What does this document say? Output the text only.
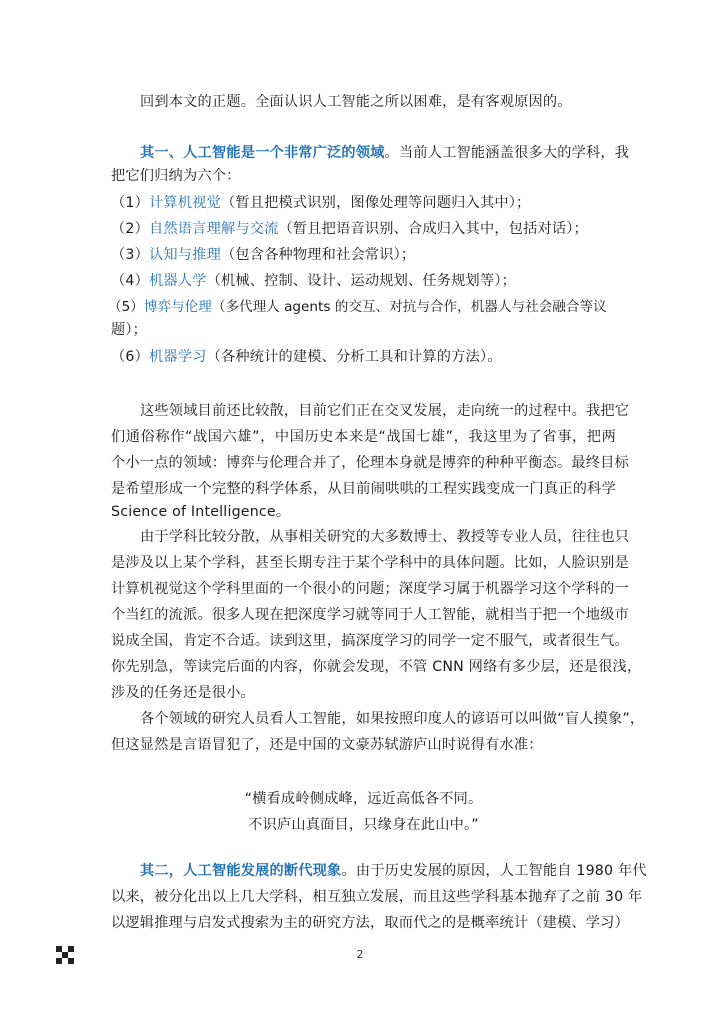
回到本文的正题。全面认识人工智能之所以困难，是有客观原因的。
其一、人工智能是一个非常广泛的领域。当前人工智能涵盖很多大的学科，我
把它们归纳为六个：
（1）计算机视觉（暂且把模式识别，图像处理等问题归入其中）；
（2）自然语言理解与交流（暂且把语音识别、合成归入其中，包括对话）；
（3）认知与推理（包含各种物理和社会常识）；
（4）机器人学（机械、控制、设计、运动规划、任务规划等）；
（5）博弈与伦理（多代理人 agents 的交互、对抗与合作，机器人与社会融合等议
题）；
（6）机器学习（各种统计的建模、分析工具和计算的方法）。
这些领域目前还比较散，目前它们正在交叉发展，走向统一的过程中。我把它
们通俗称作“战国六雄”，中国历史本来是“战国七雄”，我这里为了省事，把两
个小一点的领域：博弈与伦理合并了，伦理本身就是博弈的种种平衡态。最终目标
是希望形成一个完整的科学体系，从目前闹哄哄的工程实践变成一门真正的科学
Science of Intelligence。
由于学科比较分散，从事相关研究的大多数博士、教授等专业人员，往往也只
是涉及以上某个学科，甚至长期专注于某个学科中的具体问题。比如，人脸识别是
计算机视觉这个学科里面的一个很小的问题；深度学习属于机器学习这个学科的一
个当红的流派。很多人现在把深度学习就等同于人工智能，就相当于把一个地级市
说成全国，肯定不合适。读到这里，搞深度学习的同学一定不服气，或者很生气。
你先别急，等读完后面的内容，你就会发现，不管 CNN 网络有多少层，还是很浅，
涉及的任务还是很小。
各个领域的研究人员看人工智能，如果按照印度人的谚语可以叫做“盲人摸象”，
但这显然是言语冒犯了，还是中国的文豪苏轼游庐山时说得有水准：
“横看成岭侧成峰，远近高低各不同。
不识庐山真面目，只缘身在此山中。”
其二，人工智能发展的断代现象。由于历史发展的原因，人工智能自 1980 年代
以来，被分化出以上几大学科，相互独立发展，而且这些学科基本抛弃了之前 30 年
以逻辑推理与启发式搜索为主的研究方法，取而代之的是概率统计（建模、学习）
2
